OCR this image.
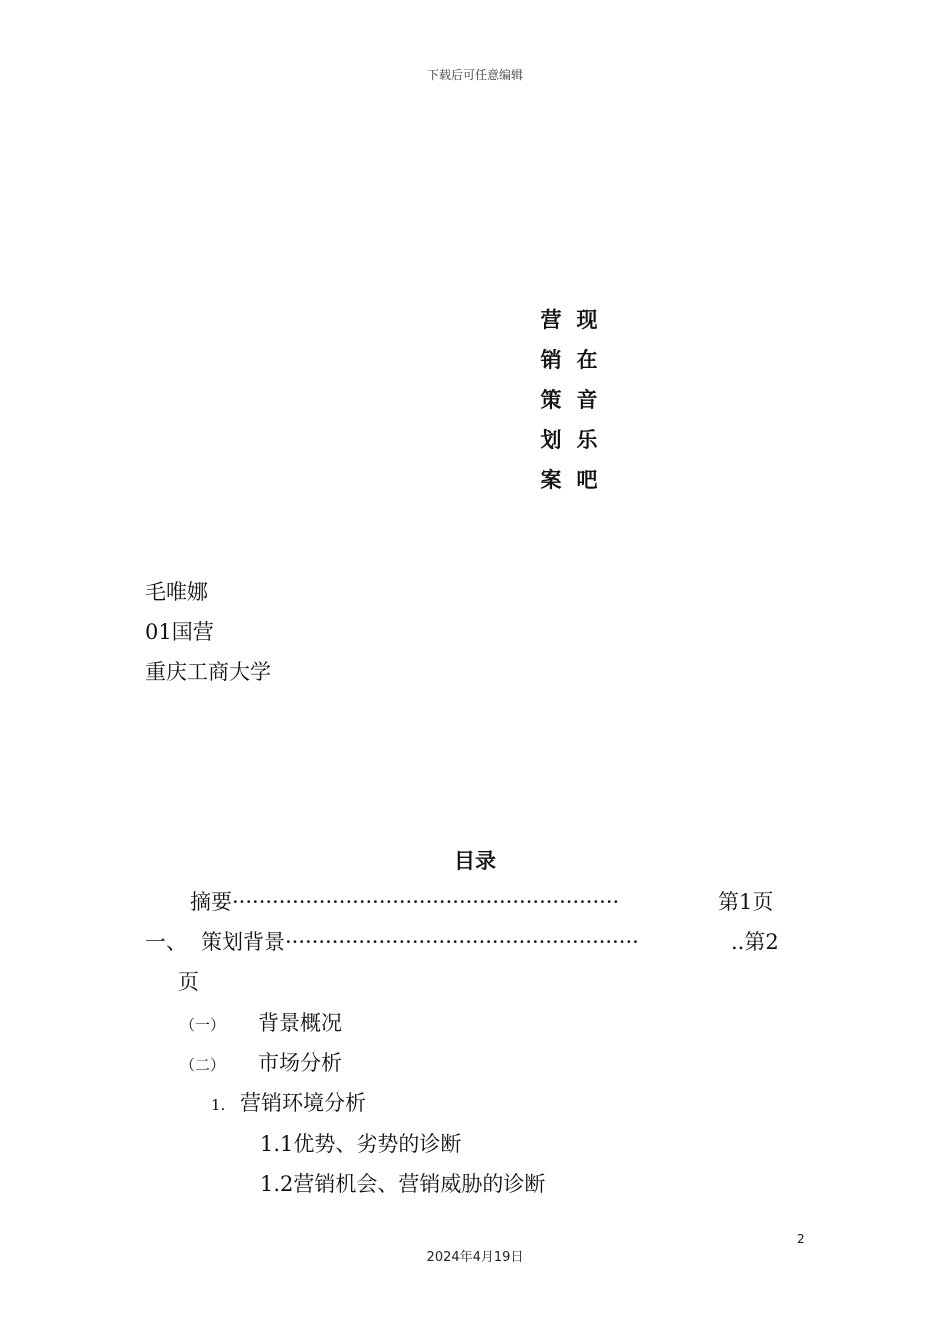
下载后可任意编辑
营
销
策
划
案
现
在
音
乐
吧
毛唯娜
01国营
重庆工商大学
目录
摘要··························································	第1页
一、 策划背景·····················································	..第2
页
（一） 背景概况
（二） 市场分析
1. 营销环境分析
1.1优势、劣势的诊断
1.2营销机会、营销威胁的诊断
2
2024年4月19日
